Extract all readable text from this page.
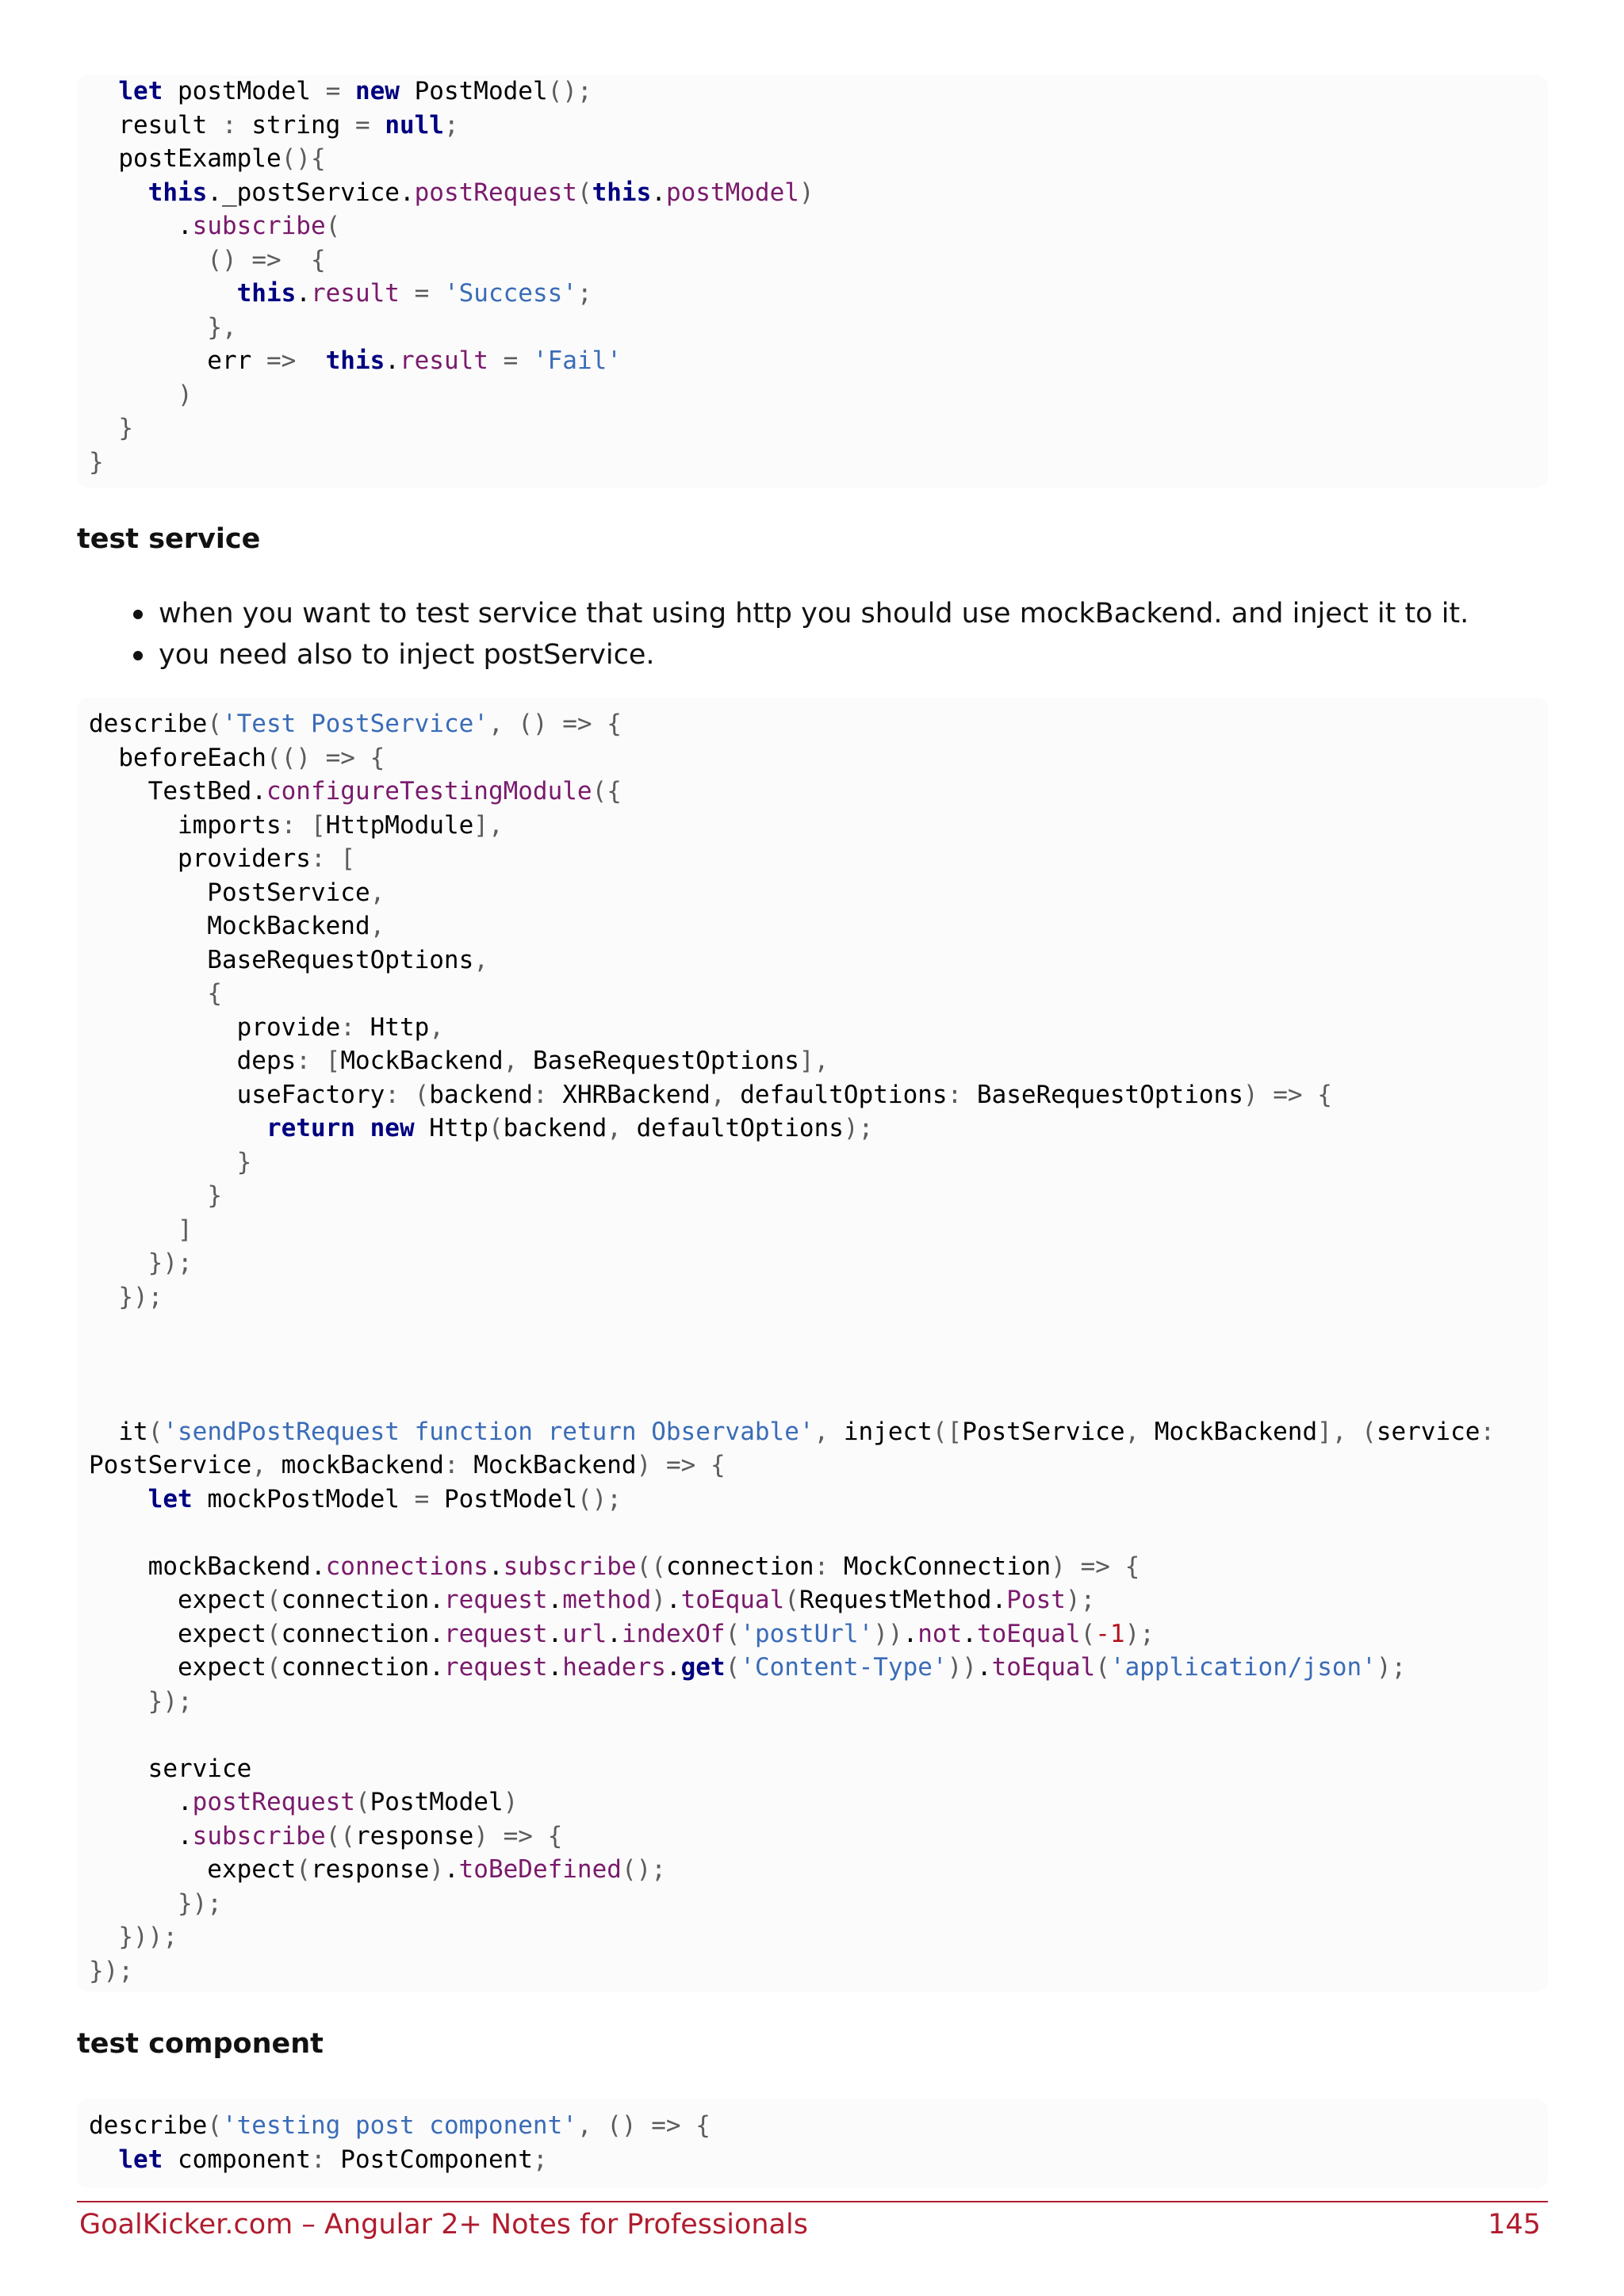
let postModel = new PostModel();
result : string = null;
postExample(){
this._postService.postRequest(this.postModel)
.subscribe(
() => {
this.result = 'Success';
},
err => this.result = 'Fail'
)
}
}
test service
when you want to test service that using http you should use mockBackend. and inject it to it.
you need also to inject postService.
describe('Test PostService', () => {
beforeEach(() => {
TestBed.configureTestingModule({
imports: [HttpModule],
providers: [
PostService,
MockBackend,
BaseRequestOptions,
{
provide: Http,
deps: [MockBackend, BaseRequestOptions],
useFactory: (backend: XHRBackend, defaultOptions: BaseRequestOptions) => {
return new Http(backend, defaultOptions);
}
}
]
});
});

it('sendPostRequest function return Observable', inject([PostService, MockBackend], (service:
PostService, mockBackend: MockBackend) => {
let mockPostModel = PostModel();

mockBackend.connections.subscribe((connection: MockConnection) => {
expect(connection.request.method).toEqual(RequestMethod.Post);
expect(connection.request.url.indexOf('postUrl')).not.toEqual(-1);
expect(connection.request.headers.get('Content-Type')).toEqual('application/json');
});

service
.postRequest(PostModel)
.subscribe((response) => {
expect(response).toBeDefined();
});
}));
});
test component
describe('testing post component', () => {
let component: PostComponent;
GoalKicker.com – Angular 2+ Notes for Professionals	145
